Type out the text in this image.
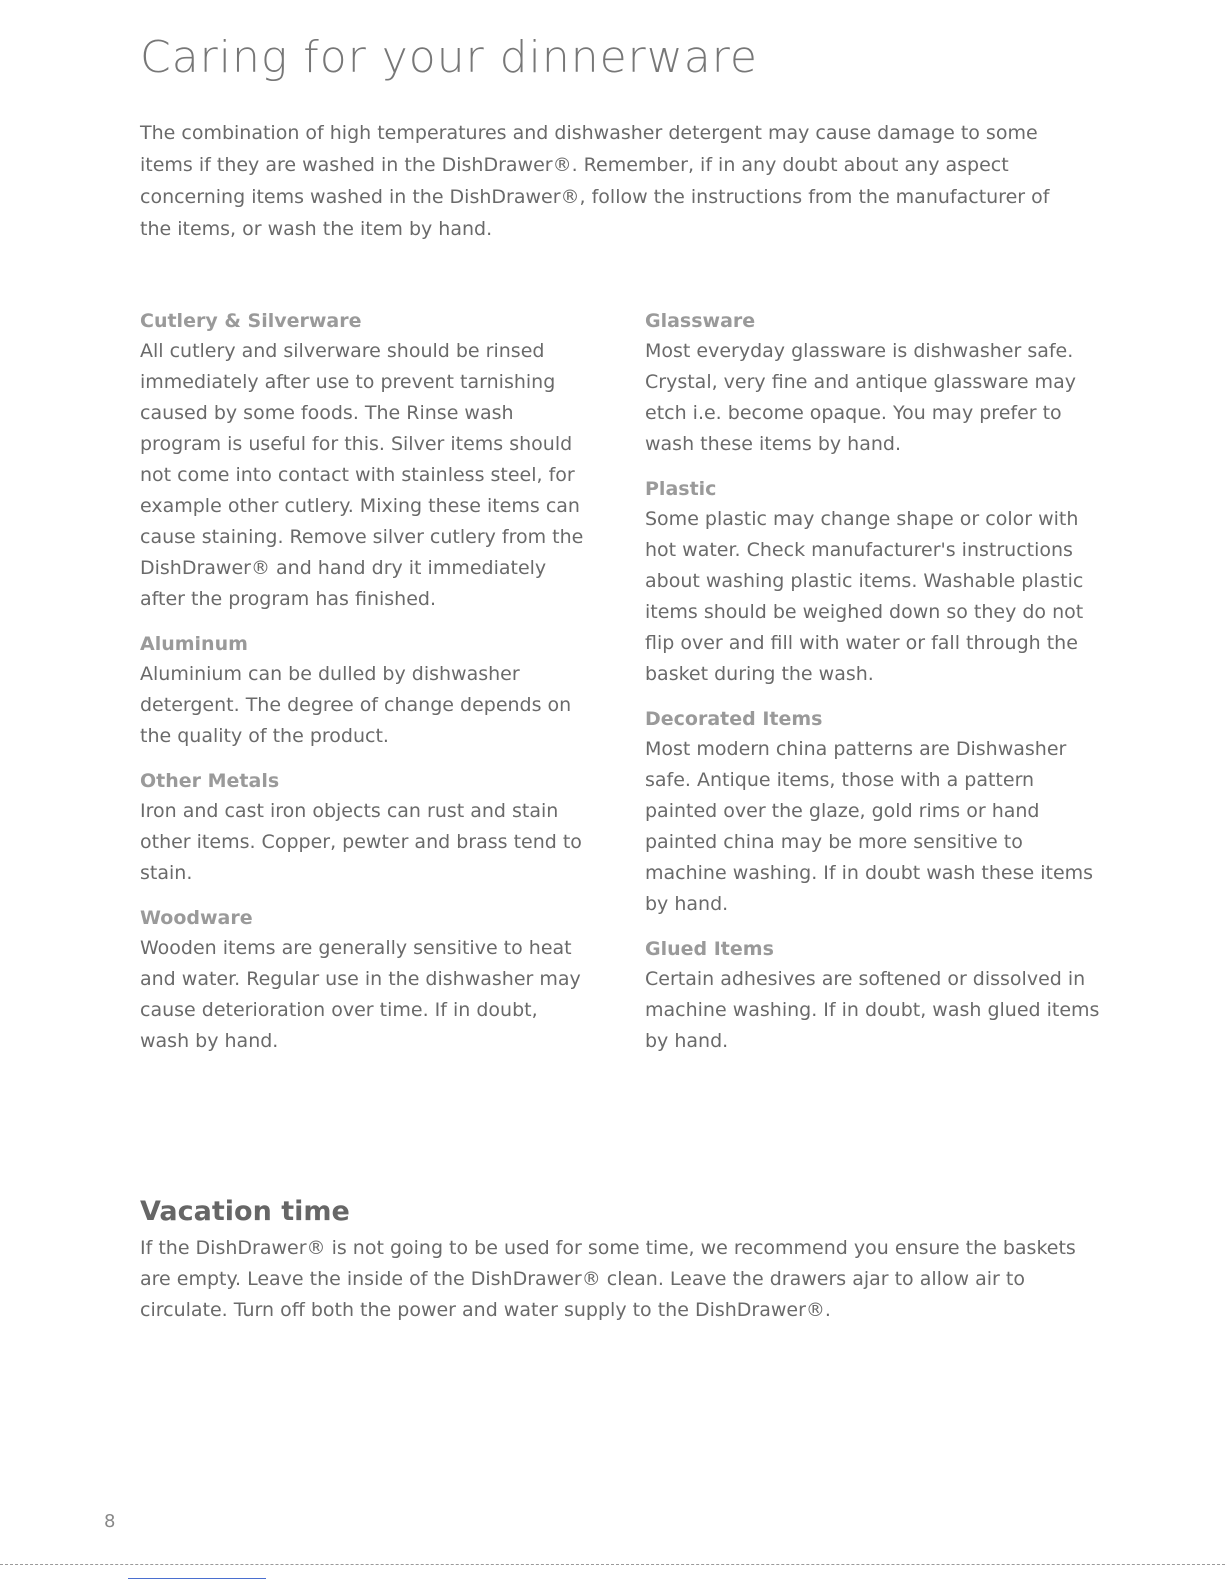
Caring for your dinnerware

The combination of high temperatures and dishwasher detergent may cause damage to some items if they are washed in the DishDrawer®. Remember, if in any doubt about any aspect concerning items washed in the DishDrawer®, follow the instructions from the manufacturer of the items, or wash the item by hand.

Cutlery & Silverware

All cutlery and silverware should be rinsed immediately after use to prevent tarnishing caused by some foods. The Rinse wash program is useful for this. Silver items should not come into contact with stainless steel, for example other cutlery. Mixing these items can cause staining. Remove silver cutlery from the DishDrawer® and hand dry it immediately after the program has finished.

Aluminum

Aluminium can be dulled by dishwasher detergent. The degree of change depends on the quality of the product.

Other Metals

Iron and cast iron objects can rust and stain other items. Copper, pewter and brass tend to stain.

Woodware

Wooden items are generally sensitive to heat and water. Regular use in the dishwasher may cause deterioration over time. If in doubt, wash by hand.

Glassware

Most everyday glassware is dishwasher safe. Crystal, very fine and antique glassware may etch i.e. become opaque. You may prefer to wash these items by hand.

Plastic

Some plastic may change shape or color with hot water. Check manufacturer's instructions about washing plastic items. Washable plastic items should be weighed down so they do not flip over and fill with water or fall through the basket during the wash.

Decorated Items

Most modern china patterns are Dishwasher safe. Antique items, those with a pattern painted over the glaze, gold rims or hand painted china may be more sensitive to machine washing. If in doubt wash these items by hand.

Glued Items

Certain adhesives are softened or dissolved in machine washing. If in doubt, wash glued items by hand.

Vacation time

If the DishDrawer® is not going to be used for some time, we recommend you ensure the baskets are empty. Leave the inside of the DishDrawer® clean. Leave the drawers ajar to allow air to circulate. Turn off both the power and water supply to the DishDrawer®.

8
